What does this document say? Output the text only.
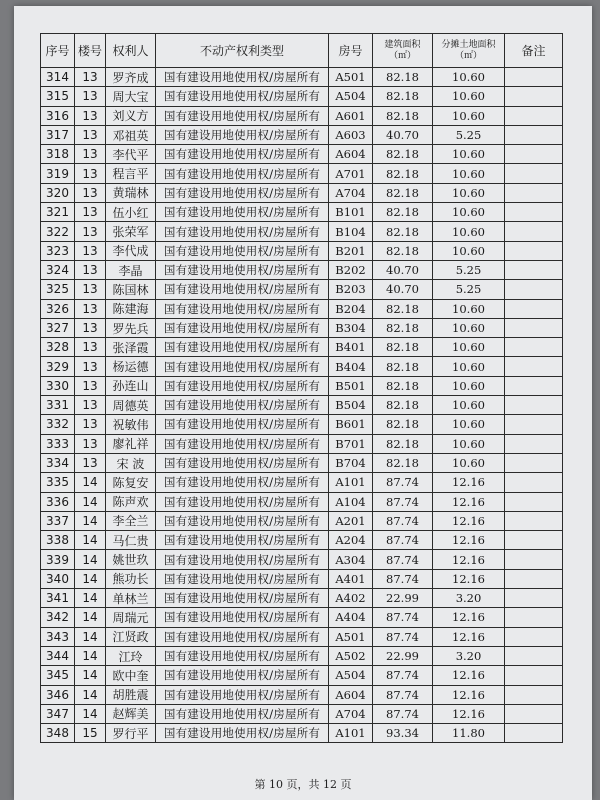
序号	楼号	权利人	不动产权利类型	房号	建筑面积（㎡）	分摊土地面积（㎡）	备注
314	13	罗齐成	国有建设用地使用权/房屋所有	A501	82.18	10.60	
315	13	周大宝	国有建设用地使用权/房屋所有	A504	82.18	10.60	
316	13	刘义方	国有建设用地使用权/房屋所有	A601	82.18	10.60	
317	13	邓祖英	国有建设用地使用权/房屋所有	A603	40.70	5.25	
318	13	李代平	国有建设用地使用权/房屋所有	A604	82.18	10.60	
319	13	程言平	国有建设用地使用权/房屋所有	A701	82.18	10.60	
320	13	黄瑞林	国有建设用地使用权/房屋所有	A704	82.18	10.60	
321	13	伍小红	国有建设用地使用权/房屋所有	B101	82.18	10.60	
322	13	张荣军	国有建设用地使用权/房屋所有	B104	82.18	10.60	
323	13	李代成	国有建设用地使用权/房屋所有	B201	82.18	10.60	
324	13	李晶	国有建设用地使用权/房屋所有	B202	40.70	5.25	
325	13	陈国林	国有建设用地使用权/房屋所有	B203	40.70	5.25	
326	13	陈建海	国有建设用地使用权/房屋所有	B204	82.18	10.60	
327	13	罗先兵	国有建设用地使用权/房屋所有	B304	82.18	10.60	
328	13	张泽霞	国有建设用地使用权/房屋所有	B401	82.18	10.60	
329	13	杨运德	国有建设用地使用权/房屋所有	B404	82.18	10.60	
330	13	孙连山	国有建设用地使用权/房屋所有	B501	82.18	10.60	
331	13	周德英	国有建设用地使用权/房屋所有	B504	82.18	10.60	
332	13	祝敏伟	国有建设用地使用权/房屋所有	B601	82.18	10.60	
333	13	廖礼祥	国有建设用地使用权/房屋所有	B701	82.18	10.60	
334	13	宋 波	国有建设用地使用权/房屋所有	B704	82.18	10.60	
335	14	陈复安	国有建设用地使用权/房屋所有	A101	87.74	12.16	
336	14	陈声欢	国有建设用地使用权/房屋所有	A104	87.74	12.16	
337	14	李全兰	国有建设用地使用权/房屋所有	A201	87.74	12.16	
338	14	马仁贵	国有建设用地使用权/房屋所有	A204	87.74	12.16	
339	14	姚世玖	国有建设用地使用权/房屋所有	A304	87.74	12.16	
340	14	熊功长	国有建设用地使用权/房屋所有	A401	87.74	12.16	
341	14	单林兰	国有建设用地使用权/房屋所有	A402	22.99	3.20	
342	14	周瑞元	国有建设用地使用权/房屋所有	A404	87.74	12.16	
343	14	江贤政	国有建设用地使用权/房屋所有	A501	87.74	12.16	
344	14	江玲	国有建设用地使用权/房屋所有	A502	22.99	3.20	
345	14	欧中奎	国有建设用地使用权/房屋所有	A504	87.74	12.16	
346	14	胡胜震	国有建设用地使用权/房屋所有	A604	87.74	12.16	
347	14	赵辉美	国有建设用地使用权/房屋所有	A704	87.74	12.16	
348	15	罗行平	国有建设用地使用权/房屋所有	A101	93.34	11.80	
第 10 页，共 12 页
